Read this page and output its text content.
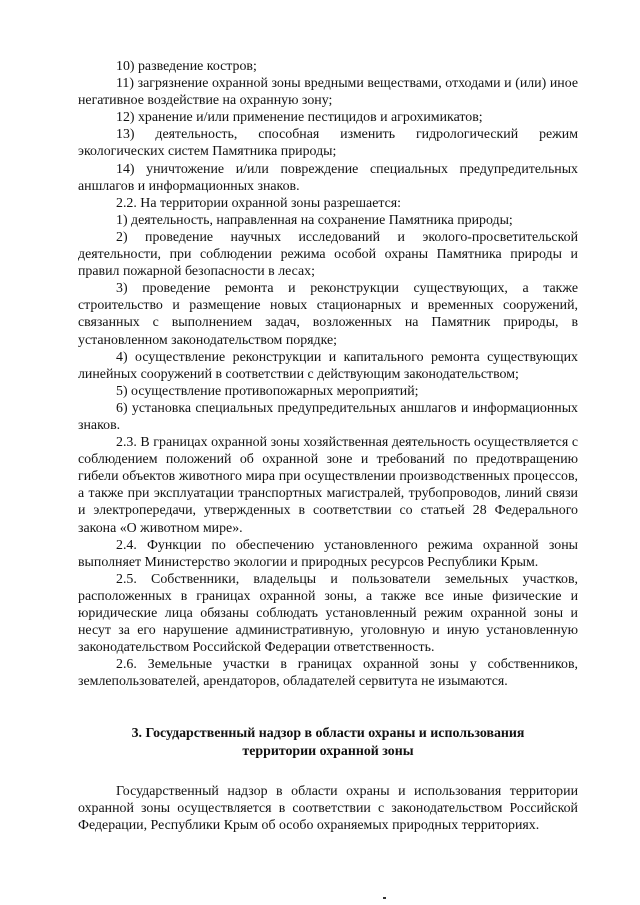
10) разведение костров;

11) загрязнение охранной зоны вредными веществами, отходами и (или) иное негативное воздействие на охранную зону;

12) хранение и/или применение пестицидов и агрохимикатов;

13) деятельность, способная изменить гидрологический режим экологических систем Памятника природы;

14) уничтожение и/или повреждение специальных предупредительных аншлагов и информационных знаков.

2.2. На территории охранной зоны разрешается:

1) деятельность, направленная на сохранение Памятника природы;

2) проведение научных исследований и эколого-просветительской деятельности, при соблюдении режима особой охраны Памятника природы и правил пожарной безопасности в лесах;

3) проведение ремонта и реконструкции существующих, а также строительство и размещение новых стационарных и временных сооружений, связанных с выполнением задач, возложенных на Памятник природы, в установленном законодательством порядке;

4) осуществление реконструкции и капитального ремонта существующих линейных сооружений в соответствии с действующим законодательством;

5) осуществление противопожарных мероприятий;

6) установка специальных предупредительных аншлагов и информационных знаков.

2.3. В границах охранной зоны хозяйственная деятельность осуществляется с соблюдением положений об охранной зоне и требований по предотвращению гибели объектов животного мира при осуществлении производственных процессов, а также при эксплуатации транспортных магистралей, трубопроводов, линий связи и электропередачи, утвержденных в соответствии со статьей 28 Федерального закона «О животном мире».

2.4. Функции по обеспечению установленного режима охранной зоны выполняет Министерство экологии и природных ресурсов Республики Крым.

2.5. Собственники, владельцы и пользователи земельных участков, расположенных в границах охранной зоны, а также все иные физические и юридические лица обязаны соблюдать установленный режим охранной зоны и несут за его нарушение административную, уголовную и иную установленную законодательством Российской Федерации ответственность.

2.6. Земельные участки в границах охранной зоны у собственников, землепользователей, арендаторов, обладателей сервитута не изымаются.

3. Государственный надзор в области охраны и использования
территории охранной зоны

Государственный надзор в области охраны и использования территории охранной зоны осуществляется в соответствии с законодательством Российской Федерации, Республики Крым об особо охраняемых природных территориях.
